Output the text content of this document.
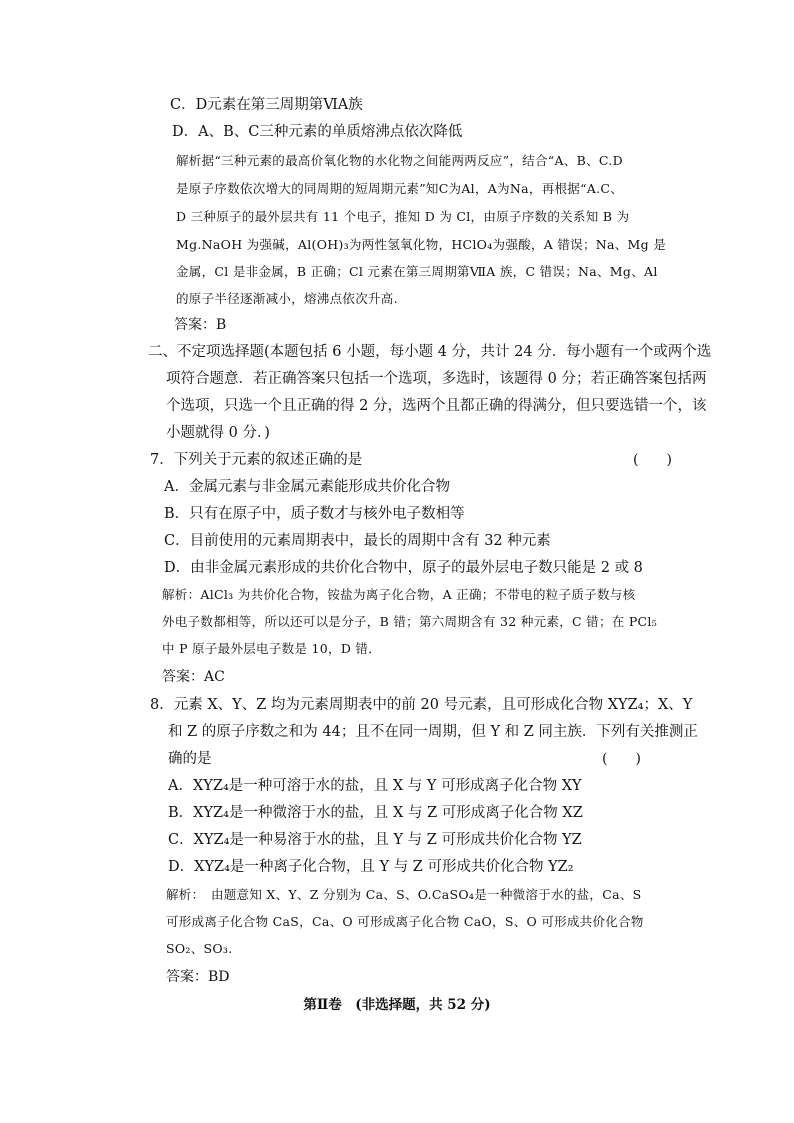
C．D元素在第三周期第ⅥA族
D．A、B、C三种元素的单质熔沸点依次降低
解析据“三种元素的最高价氧化物的水化物之间能两两反应”，结合“A、B、C.D
是原子序数依次增大的同周期的短周期元素”知C为Al，A为Na，再根据“A.C、
D 三种原子的最外层共有 11 个电子，推知 D 为 Cl，由原子序数的关系知 B 为
Mg.NaOH 为强碱，Al(OH)₃为两性氢氧化物，HClO₄为强酸，A 错误；Na、Mg 是
金属，Cl 是非金属，B 正确；Cl 元素在第三周期第ⅦA 族，C 错误；Na、Mg、Al
的原子半径逐渐减小，熔沸点依次升高.
答案：B
二、不定项选择题(本题包括 6 小题，每小题 4 分，共计 24 分．每小题有一个或两个选
项符合题意．若正确答案只包括一个选项，多选时，该题得 0 分；若正确答案包括两
个选项，只选一个且正确的得 2 分，选两个且都正确的得满分，但只要选错一个，该
小题就得 0 分．)
7．下列关于元素的叙述正确的是	(　　)
A．金属元素与非金属元素能形成共价化合物
B．只有在原子中，质子数才与核外电子数相等
C．目前使用的元素周期表中，最长的周期中含有 32 种元素
D．由非金属元素形成的共价化合物中，原子的最外层电子数只能是 2 或 8
解析：AlCl₃ 为共价化合物，铵盐为离子化合物，A 正确；不带电的粒子质子数与核
外电子数都相等，所以还可以是分子，B 错；第六周期含有 32 种元素，C 错；在 PCl₅
中 P 原子最外层电子数是 10，D 错．
答案：AC
8．元素 X、Y、Z 均为元素周期表中的前 20 号元素，且可形成化合物 XYZ₄；X、Y
和 Z 的原子序数之和为 44；且不在同一周期，但 Y 和 Z 同主族．下列有关推测正
确的是	(　　)
A．XYZ₄是一种可溶于水的盐，且 X 与 Y 可形成离子化合物 XY
B．XYZ₄是一种微溶于水的盐，且 X 与 Z 可形成离子化合物 XZ
C．XYZ₄是一种易溶于水的盐，且 Y 与 Z 可形成共价化合物 YZ
D．XYZ₄是一种离子化合物，且 Y 与 Z 可形成共价化合物 YZ₂
解析：　由题意知 X、Y、Z 分别为 Ca、S、O.CaSO₄是一种微溶于水的盐，Ca、S
可形成离子化合物 CaS，Ca、O 可形成离子化合物 CaO，S、O 可形成共价化合物
SO₂、SO₃.
答案：BD
第Ⅱ卷　(非选择题，共 52 分)
